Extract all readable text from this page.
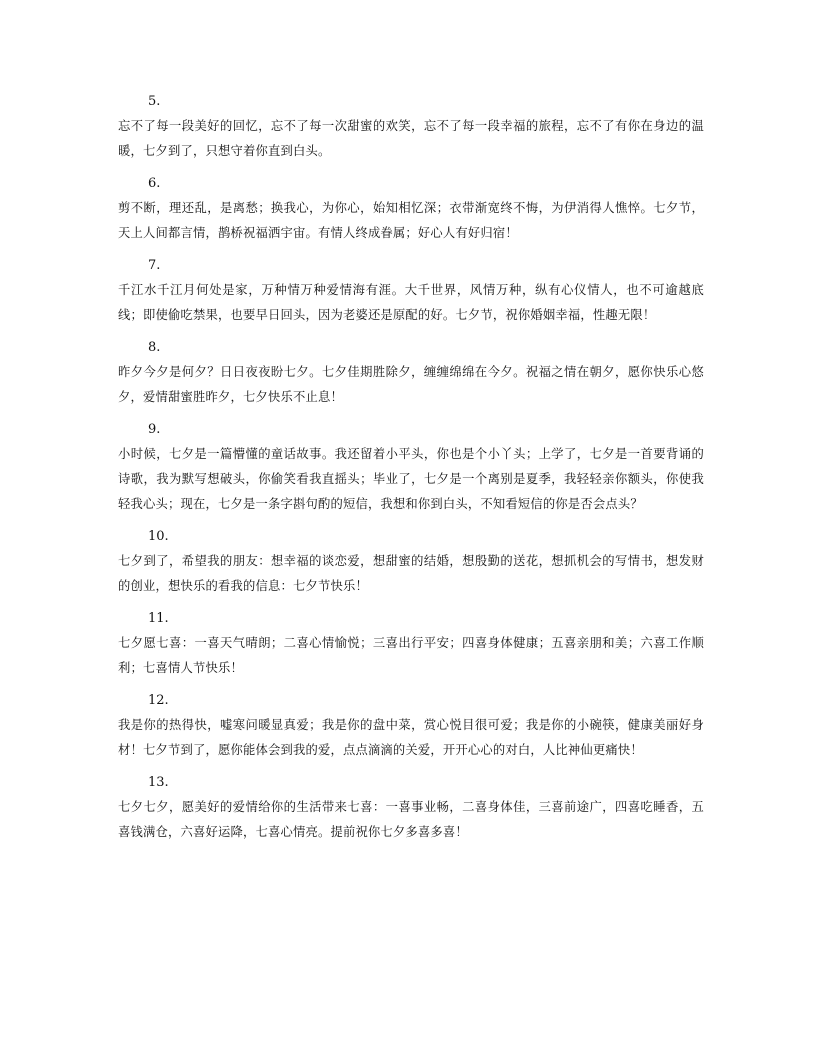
5.
忘不了每一段美好的回忆，忘不了每一次甜蜜的欢笑，忘不了每一段幸福的旅程，忘不了有你在身边的温暖，七夕到了，只想守着你直到白头。
6.
剪不断，理还乱，是离愁；换我心，为你心，始知相忆深；衣带渐宽终不悔，为伊消得人憔悴。七夕节，天上人间都言情，鹊桥祝福洒宇宙。有情人终成眷属；好心人有好归宿！
7.
千江水千江月何处是家，万种情万种爱情海有涯。大千世界，风情万种，纵有心仪情人，也不可逾越底线；即使偷吃禁果，也要早日回头，因为老婆还是原配的好。七夕节，祝你婚姻幸福，性趣无限！
8.
昨夕今夕是何夕？日日夜夜盼七夕。七夕佳期胜除夕，缠缠绵绵在今夕。祝福之情在朝夕，愿你快乐心悠夕，爱情甜蜜胜昨夕，七夕快乐不止息！
9.
小时候，七夕是一篇懵懂的童话故事。我还留着小平头，你也是个小丫头；上学了，七夕是一首要背诵的诗歌，我为默写想破头，你偷笑看我直摇头；毕业了，七夕是一个离别是夏季，我轻轻亲你额头，你使我轻我心头；现在，七夕是一条字斟句酌的短信，我想和你到白头，不知看短信的你是否会点头？
10.
七夕到了，希望我的朋友：想幸福的谈恋爱，想甜蜜的结婚，想殷勤的送花，想抓机会的写情书，想发财的创业，想快乐的看我的信息：七夕节快乐！
11.
七夕愿七喜：一喜天气晴朗；二喜心情愉悦；三喜出行平安；四喜身体健康；五喜亲朋和美；六喜工作顺利；七喜情人节快乐！
12.
我是你的热得快，嘘寒问暖显真爱；我是你的盘中菜，赏心悦目很可爱；我是你的小碗筷，健康美丽好身材！七夕节到了，愿你能体会到我的爱，点点滴滴的关爱，开开心心的对白，人比神仙更痛快！
13.
七夕七夕，愿美好的爱情给你的生活带来七喜：一喜事业畅，二喜身体佳，三喜前途广，四喜吃睡香，五喜钱满仓，六喜好运降，七喜心情亮。提前祝你七夕多喜多喜！
